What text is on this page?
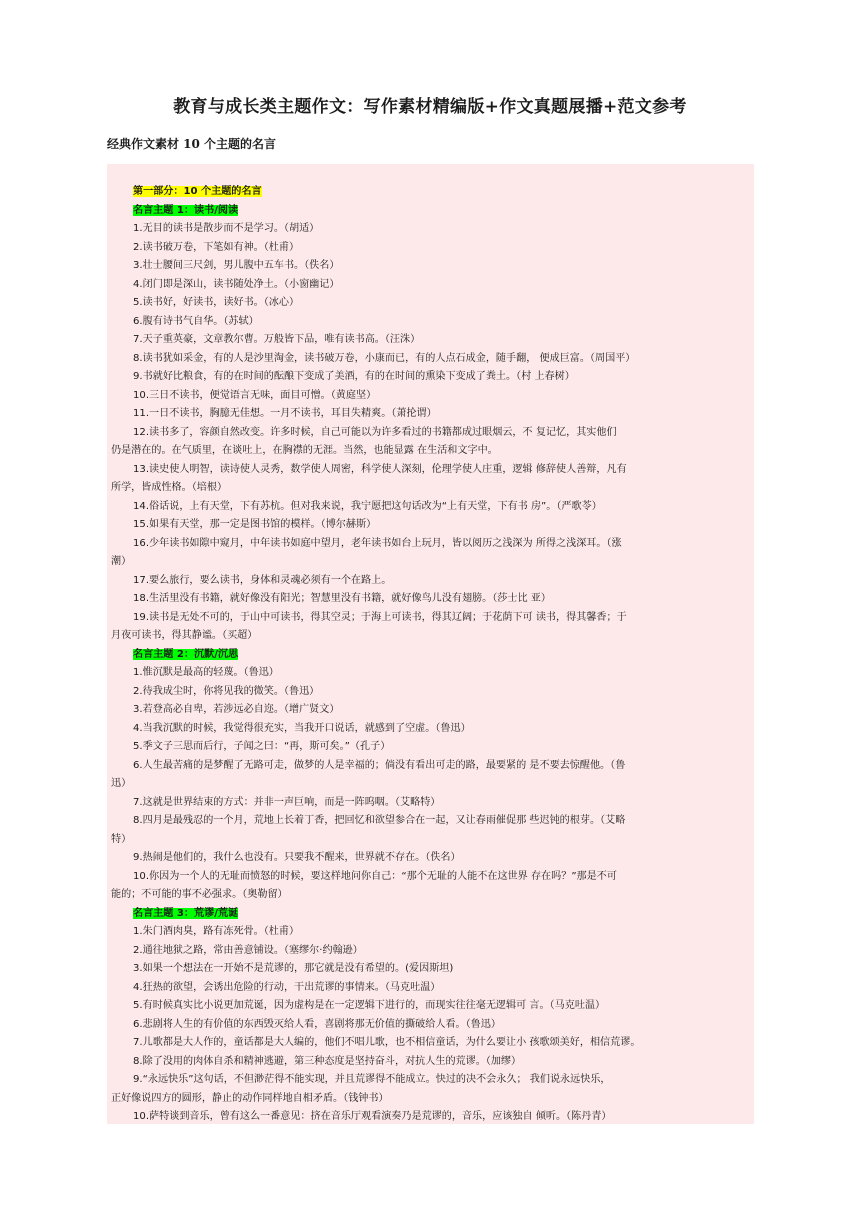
教育与成长类主题作文：写作素材精编版+作文真题展播+范文参考
经典作文素材 10 个主题的名言
第一部分：10 个主题的名言
名言主题 1：读书/阅读
1.无目的读书是散步而不是学习。（胡适）
2.读书破万卷，下笔如有神。（杜甫）
3.壮士腰间三尺剑，男儿腹中五车书。（佚名）
4.闭门即是深山，读书随处净土。（小窗幽记）
5.读书好，好读书，读好书。（冰心）
6.腹有诗书气自华。（苏轼）
7.天子重英豪，文章教尔曹。万般皆下品，唯有读书高。（汪洙）
8.读书犹如采金，有的人是沙里淘金，读书破万卷，小康而已，有的人点石成金，随手翻， 便成巨富。（周国平）
9.书就好比粮食，有的在时间的酝酿下变成了美酒，有的在时间的熏染下变成了粪土。（村 上春树）
10.三日不读书，便觉语言无味，面目可憎。（黄庭坚）
11.一日不读书，胸臆无佳想。一月不读书，耳目失精爽。（萧抡谓）
12.读书多了，容颜自然改变。许多时候，自己可能以为许多看过的书籍都成过眼烟云，不 复记忆，其实他们
仍是潜在的。在气质里，在谈吐上，在胸襟的无涯。当然，也能显露 在生活和文字中。
13.读史使人明智，读诗使人灵秀，数学使人周密，科学使人深刻，伦理学使人庄重，逻辑 修辞使人善辩，凡有
所学，皆成性格。（培根）
14.俗话说，上有天堂，下有苏杭。但对我来说，我宁愿把这句话改为“上有天堂，下有书 房”。（严歌苓）
15.如果有天堂，那一定是图书馆的模样。（博尔赫斯）
16.少年读书如隙中窥月，中年读书如庭中望月，老年读书如台上玩月，皆以阅历之浅深为 所得之浅深耳。（涨
潮）
17.要么旅行，要么读书，身体和灵魂必须有一个在路上。
18.生活里没有书籍，就好像没有阳光；智慧里没有书籍，就好像鸟儿没有翅膀。（莎士比 亚）
19.读书是无处不可的，于山中可读书，得其空灵；于海上可读书，得其辽阔；于花荫下可 读书，得其馨香；于
月夜可读书，得其静谧。（买超）
名言主题 2：沉默/沉思
1.惟沉默是最高的轻蔑。（鲁迅）
2.待我成尘时，你将见我的微笑。（鲁迅）
3.若登高必自卑，若涉远必自迩。（增广贤文）
4.当我沉默的时候，我觉得很充实，当我开口说话，就感到了空虚。（鲁迅）
5.季文子三思而后行，子闻之曰：“再，斯可矣。”（孔子）
6.人生最苦痛的是梦醒了无路可走，做梦的人是幸福的；倘没有看出可走的路，最要紧的 是不要去惊醒他。（鲁
迅）
7.这就是世界结束的方式：并非一声巨响，而是一阵呜咽。（艾略特）
8.四月是最残忍的一个月，荒地上长着丁香，把回忆和欲望参合在一起，又让春雨催促那 些迟钝的根芽。（艾略
特）
9.热闹是他们的，我什么也没有。只要我不醒来，世界就不存在。（佚名）
10.你因为一个人的无耻而愤怒的时候，要这样地问你自己：“那个无耻的人能不在这世界 存在吗？”那是不可
能的；不可能的事不必强求。（奥勒留）
名言主题 3：荒谬/荒诞
1.朱门酒肉臭，路有冻死骨。（杜甫）
2.通往地狱之路，常由善意铺设。（塞缪尔·约翰逊）
3.如果一个想法在一开始不是荒谬的，那它就是没有希望的。(爱因斯坦)
4.狂热的欲望，会诱出危险的行动，干出荒谬的事情来。（马克吐温）
5.有时候真实比小说更加荒诞，因为虚构是在一定逻辑下进行的，而现实往往毫无逻辑可 言。（马克吐温）
6.悲剧将人生的有价值的东西毁灭给人看，喜剧将那无价值的撕破给人看。（鲁迅）
7.儿歌都是大人作的，童话都是大人编的，他们不唱儿歌，也不相信童话，为什么要让小 孩歌颂美好，相信荒谬。
8.除了没用的肉体自杀和精神逃避，第三种态度是坚持奋斗，对抗人生的荒谬。（加缪）
9.“永远快乐”这句话，不但渺茫得不能实现，并且荒谬得不能成立。快过的决不会永久； 我们说永远快乐，
正好像说四方的圆形，静止的动作同样地自相矛盾。（钱钟书）
10.萨特谈到音乐，曾有这么一番意见：挤在音乐厅观看演奏乃是荒谬的，音乐，应该独自 倾听。（陈丹青）
